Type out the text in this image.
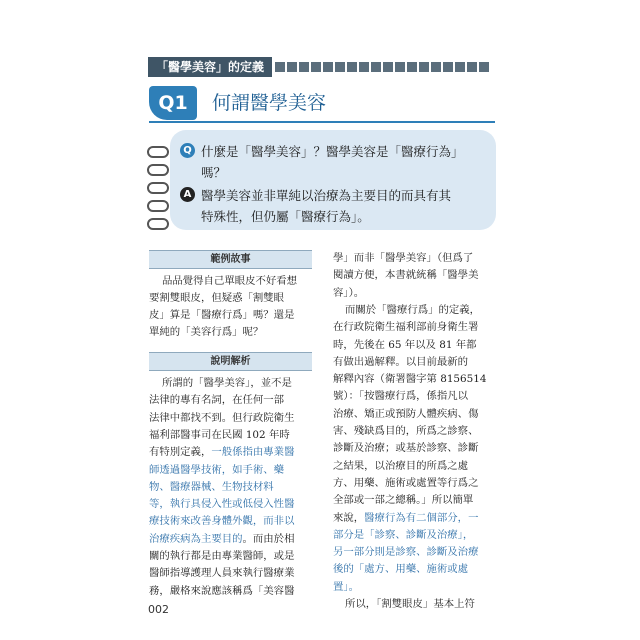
「醫學美容」的定義
Q1	何謂醫學美容
Q 什麼是「醫學美容」？醫學美容是「醫療行為」
嗎？
A 醫學美容並非單純以治療為主要目的而具有其
特殊性，但仍屬「醫療行為」。
範例故事
品品覺得自己單眼皮不好看想
要割雙眼皮，但疑惑「割雙眼
皮」算是「醫療行爲」嗎？還是
單純的「美容行爲」呢？
說明解析
所謂的「醫學美容」，並不是
法律的專有名詞，在任何一部
法律中都找不到。但行政院衛生
福利部醫事司在民國 102 年時
有特別定義，一般係指由專業醫
師透過醫學技術，如手術、藥
物、醫療器械、生物技材料
等，執行具侵入性或低侵入性醫
療技術來改善身體外觀，而非以
治療疾病為主要目的。而由於相
關的執行都是由專業醫師，或是
醫師指導護理人員來執行醫療業
務，嚴格來說應該稱爲「美容醫
學」而非「醫學美容」（但爲了
閱讀方便，本書就統稱「醫學美
容」）。
而關於「醫療行爲」的定義，
在行政院衛生福利部前身衛生署
時，先後在 65 年以及 81 年都
有做出過解釋。以目前最新的
解釋內容（衛署醫字第 8156514
號）：「按醫療行爲，係指凡以
治療、矯正或預防人體疾病、傷
害、殘缺爲目的，所爲之診察、
診斷及治療；或基於診察、診斷
之結果，以治療目的所爲之處
方、用藥、施術或處置等行爲之
全部或一部之總稱。」所以簡單
來說，醫療行為有二個部分，一
部分是「診察、診斷及治療」，
另一部分則是診察、診斷及治療
後的「處方、用藥、施術或處
置」。
所以，「割雙眼皮」基本上符
002
